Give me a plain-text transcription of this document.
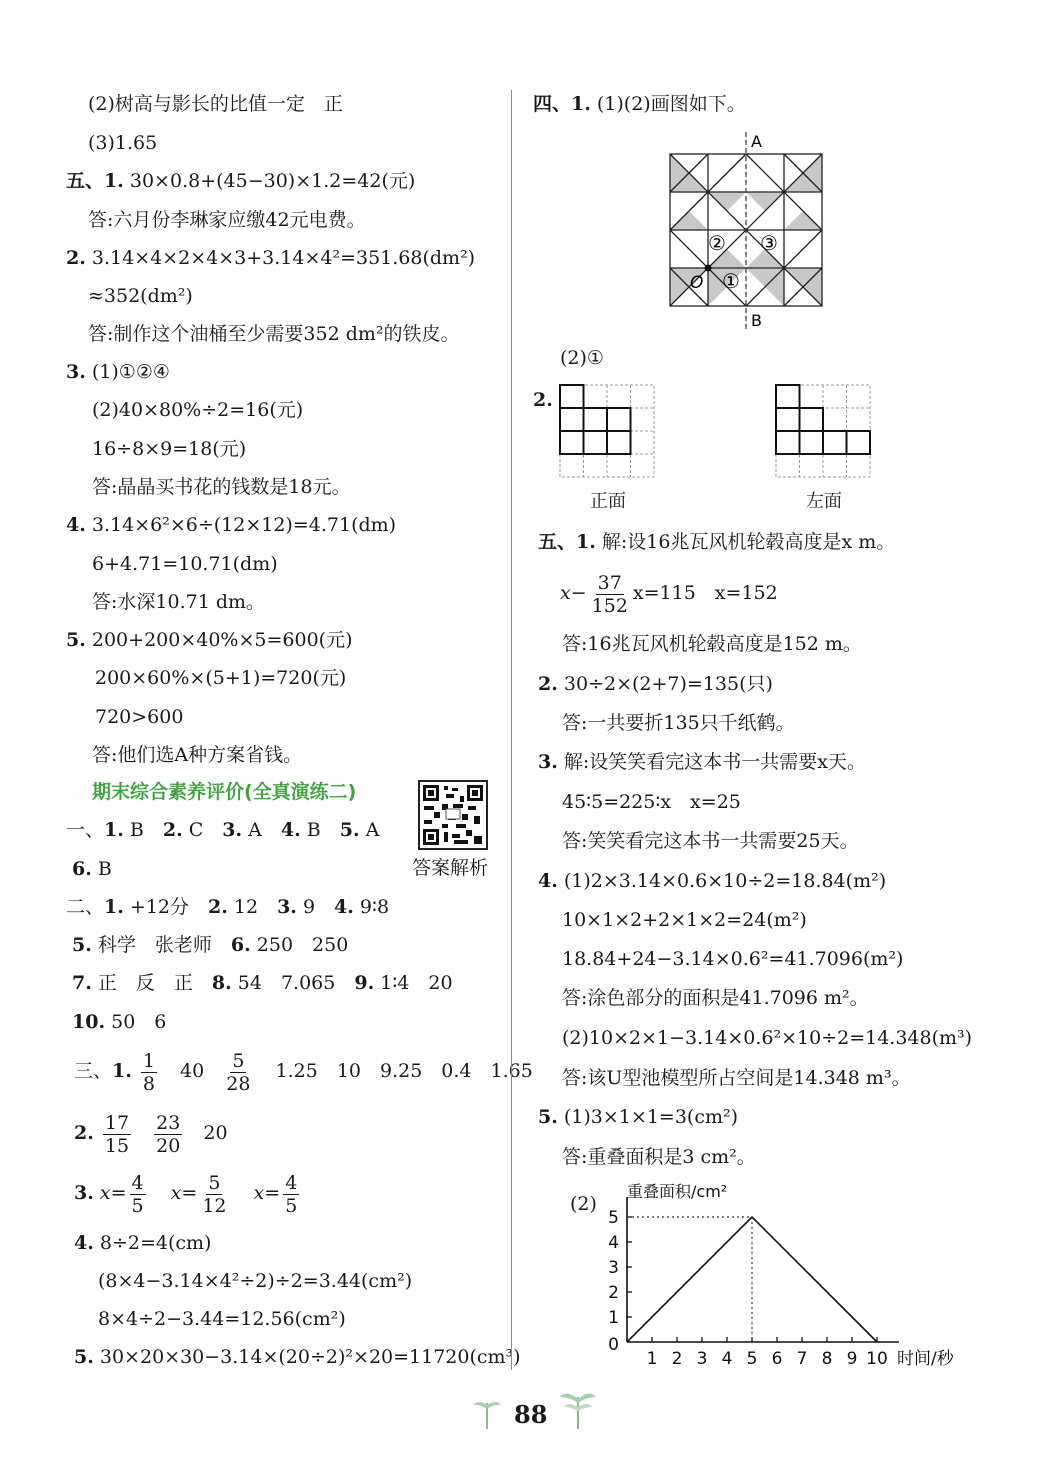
(2)树高与影长的比值一定　正
(3)1.65
五、1. 30×0.8+(45−30)×1.2=42(元)
答:六月份李琳家应缴42元电费。
2. 3.14×4×2×4×3+3.14×4²=351.68(dm²)
≈352(dm²)
答:制作这个油桶至少需要352 dm²的铁皮。
3. (1)①②④
(2)40×80%÷2=16(元)
16÷8×9=18(元)
答:晶晶买书花的钱数是18元。
4. 3.14×6²×6÷(12×12)=4.71(dm)
6+4.71=10.71(dm)
答:水深10.71 dm。
5. 200+200×40%×5=600(元)
200×60%×(5+1)=720(元)
720>600
答:他们选A种方案省钱。
期末综合素养评价(全真演练二)
答案解析
一、1. B　2. C　3. A　4. B　5. A
6. B
二、1. +12分　2. 12　3. 9　4. 9∶8
5. 科学　张老师　6. 250　250
7. 正　反　正　8. 54　7.065　9. 1∶4　20
10. 50　6
三、1. $\frac{1}{8} 40 \frac{5}{28} 1.25$　10　9.25　0.4　1.65
2. $\frac{17}{15}$
$\frac{23}{20} 20$
3. $x= \frac{4}{5} x= \frac{5}{12} x= \frac{4}{5}$
4. 8÷2=4(cm)
(8×4−3.14×4²÷2)÷2=3.44(cm²)
8×4÷2−3.44=12.56(cm²)
5. 30×20×30−3.14×(20÷2)²×20=11720(cm³)
四、1. (1)(2)画图如下。
A
B
O ①
② ③
(2)①
2.
正面	左面
五、1. 解:设16兆瓦风机轮毂高度是x m。
$x- \frac{37}{152} x=115$　x=152
答:16兆瓦风机轮毂高度是152 m。
2. 30÷2×(2+7)=135(只)
答:一共要折135只千纸鹤。
3. 解:设笑笑看完这本书一共需要x天。
45∶5=225∶x　x=25
答:笑笑看完这本书一共需要25天。
4. (1)2×3.14×0.6×10÷2=18.84(m²)
10×1×2+2×1×2=24(m²)
18.84+24−3.14×0.6²=41.7096(m²)
答:涂色部分的面积是41.7096 m²。
(2)10×2×1−3.14×0.6²×10÷2=14.348(m³)
答:该U型池模型所占空间是14.348 m³。
5. (1)3×1×1=3(cm²)
答:重叠面积是3 cm²。
(2)
1 2 3 4 5 6 7 8 9 10
1
2
3
4
5
0
重叠面积/cm²
时间/秒
88
